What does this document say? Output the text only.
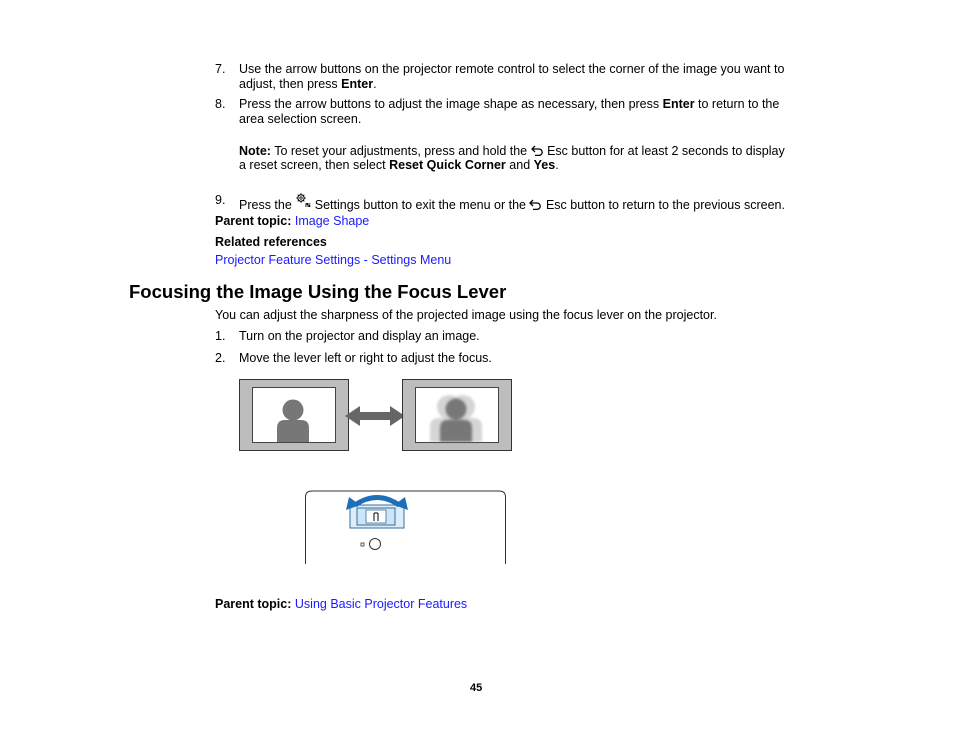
7.	Use the arrow buttons on the projector remote control to select the corner of the image you want to
adjust, then press Enter.
8.	Press the arrow buttons to adjust the image shape as necessary, then press Enter to return to the
area selection screen.
Note: To reset your adjustments, press and hold the  Esc button for at least 2 seconds to display
a reset screen, then select Reset Quick Corner and Yes.
9.	Press the  Settings button to exit the menu or the  Esc button to return to the previous screen.
Parent topic: Image Shape
Related references
Projector Feature Settings - Settings Menu
Focusing the Image Using the Focus Lever
You can adjust the sharpness of the projected image using the focus lever on the projector.
1.	Turn on the projector and display an image.
2.	Move the lever left or right to adjust the focus.
Parent topic: Using Basic Projector Features
45
